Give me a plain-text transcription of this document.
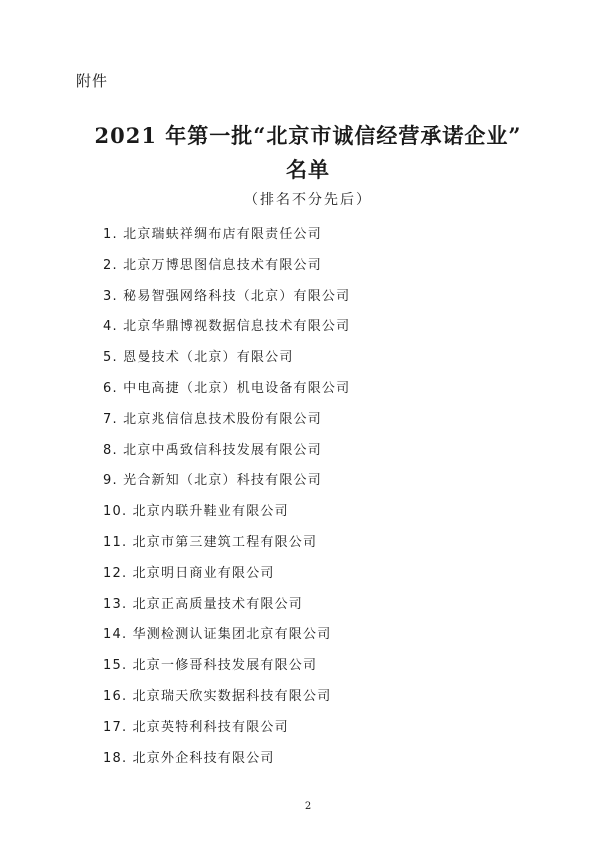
附件
2021 年第一批“北京市诚信经营承诺企业”
名单
（排名不分先后）
1. 北京瑞蚨祥绸布店有限责任公司
2. 北京万博思图信息技术有限公司
3. 秘易智强网络科技（北京）有限公司
4. 北京华鼎博视数据信息技术有限公司
5. 恩曼技术（北京）有限公司
6. 中电高捷（北京）机电设备有限公司
7. 北京兆信信息技术股份有限公司
8. 北京中禹致信科技发展有限公司
9. 光合新知（北京）科技有限公司
10. 北京内联升鞋业有限公司
11. 北京市第三建筑工程有限公司
12. 北京明日商业有限公司
13. 北京正高质量技术有限公司
14. 华测检测认证集团北京有限公司
15. 北京一修哥科技发展有限公司
16. 北京瑞天欣实数据科技有限公司
17. 北京英特利科技有限公司
18. 北京外企科技有限公司
2
